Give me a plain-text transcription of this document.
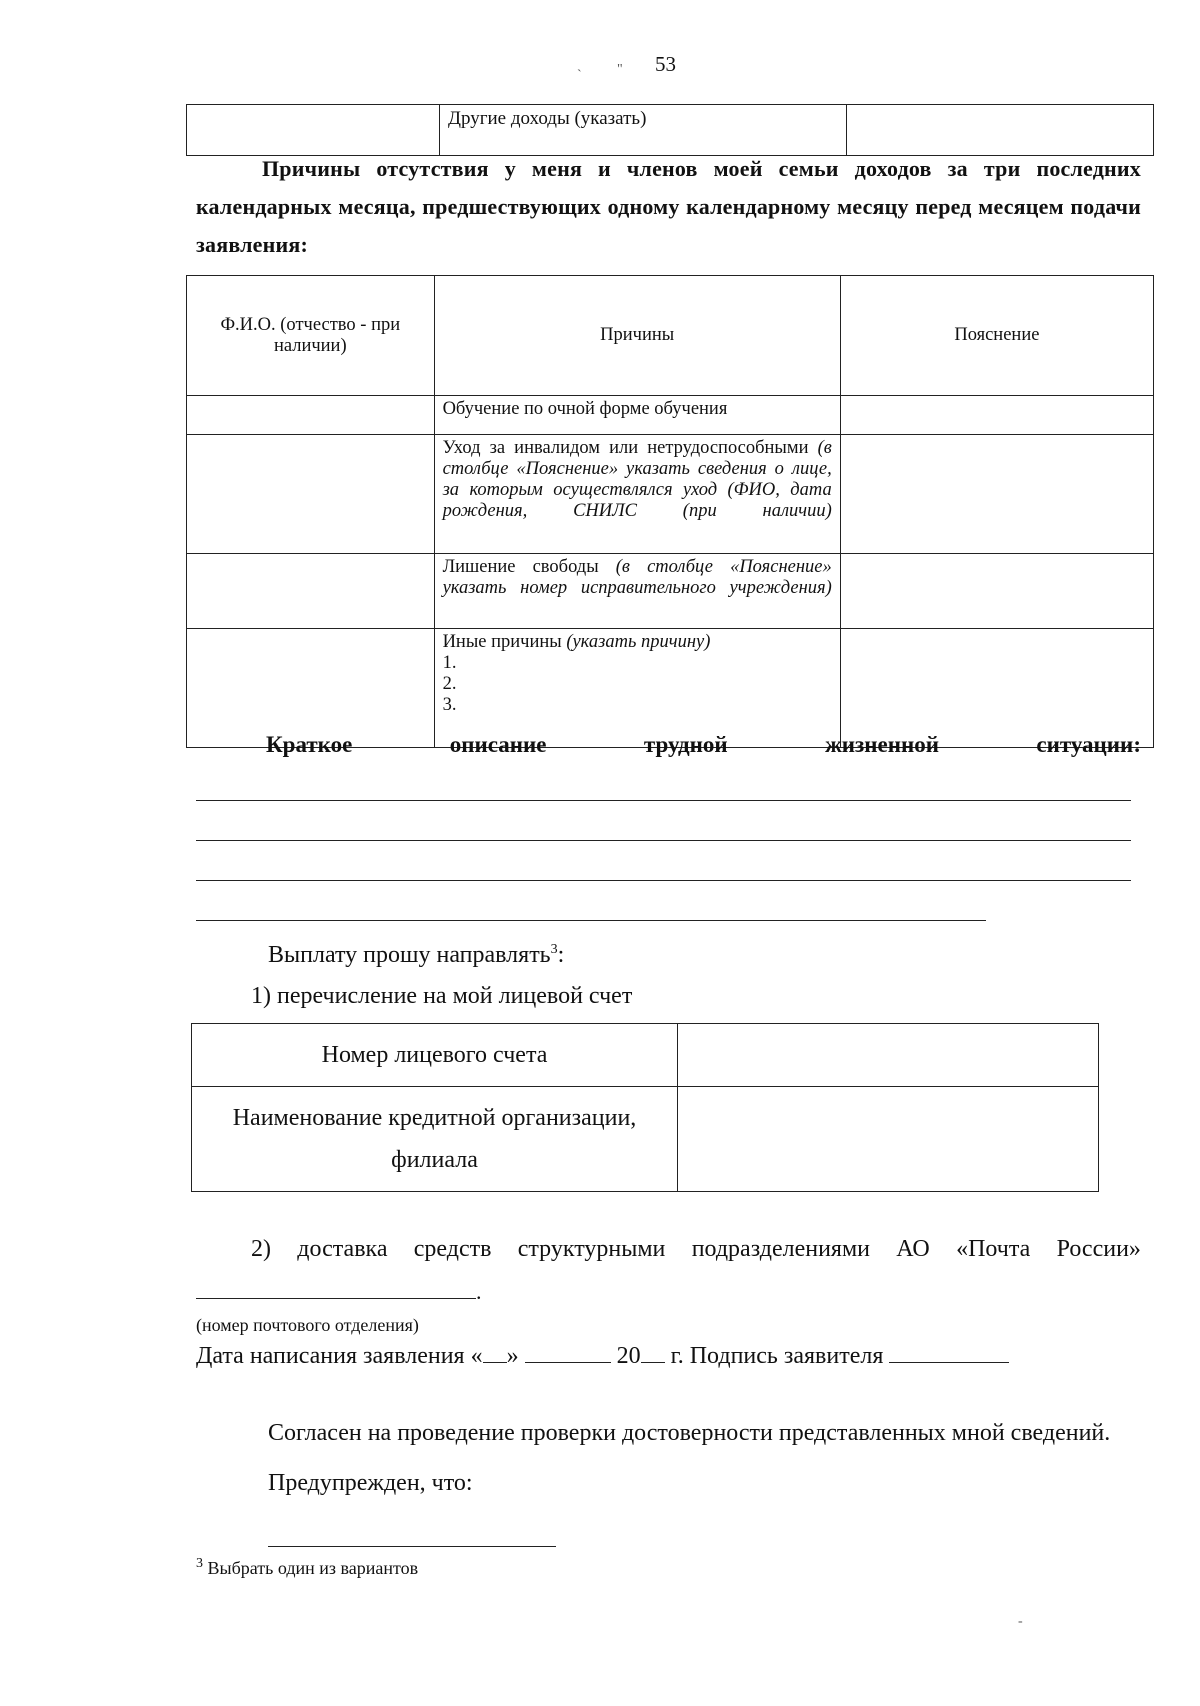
`	" 53
	Другие доходы (указать)	
Причины отсутствия у меня и членов моей семьи доходов за три последних календарных месяца, предшествующих одному календарному месяцу перед месяцем подачи заявления:
Ф.И.О. (отчество - при наличии)	Причины	Пояснение
	Обучение по очной форме обучения	
	Уход за инвалидом или нетрудоспособными (в столбце «Пояснение» указать сведения о лице, за которым осуществлялся уход (ФИО, дата рождения, СНИЛС (при наличии)	
	Лишение свободы (в столбце «Пояснение» указать номер исправительного учреждения)	

	Иные причины (указать причину)
1.
2.
3.	

Краткое	описание	трудной	жизненной	ситуации:
Выплату прошу направлять$^3$:
1) перечисление на мой лицевой счет
Номер лицевого счета	

Наименование кредитной организации,
филиала	

2) доставка средств структурными подразделениями АО «Почта России»
.
(номер почтового отделения)
Дата написания заявления « »	20 г. Подпись заявителя
Согласен на проведение проверки достоверности представленных мной сведений.
Предупрежден, что:
$^3$ Выбрать один из вариантов
-
